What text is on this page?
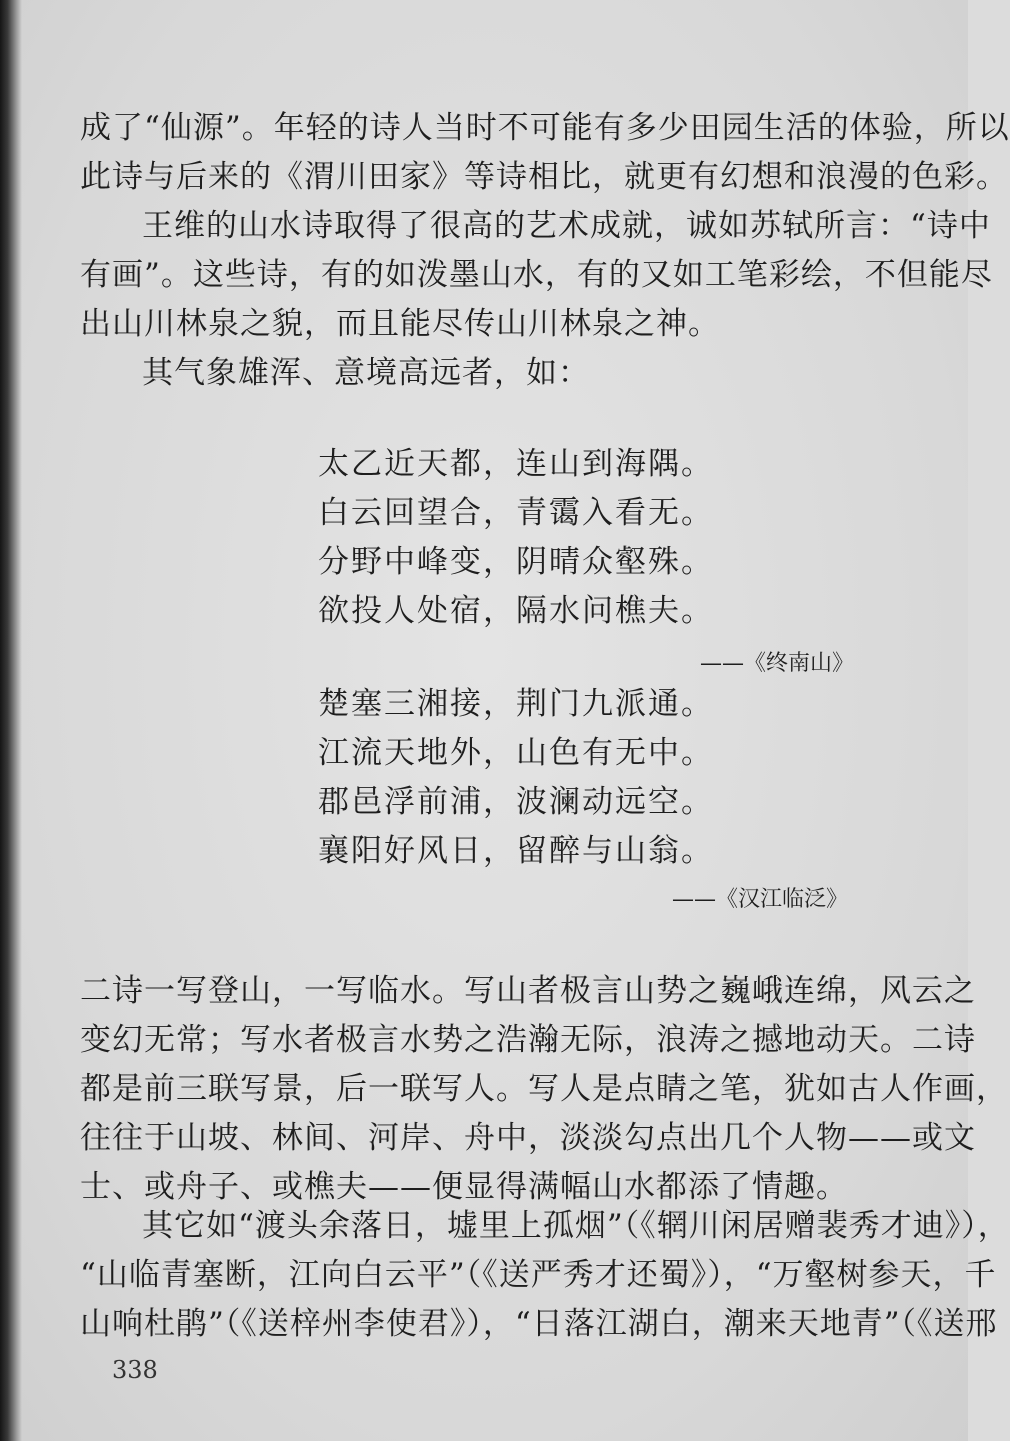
成了“仙源”。年轻的诗人当时不可能有多少田园生活的体验，所以
此诗与后来的《渭川田家》等诗相比，就更有幻想和浪漫的色彩。
王维的山水诗取得了很高的艺术成就，诚如苏轼所言：“诗中
有画”。这些诗，有的如泼墨山水，有的又如工笔彩绘，不但能尽
出山川林泉之貌，而且能尽传山川林泉之神。
其气象雄浑、意境高远者，如：
太乙近天都，连山到海隅。
白云回望合，青霭入看无。
分野中峰变，阴晴众壑殊。
欲投人处宿，隔水问樵夫。
——《终南山》
楚塞三湘接，荆门九派通。
江流天地外，山色有无中。
郡邑浮前浦，波澜动远空。
襄阳好风日，留醉与山翁。
——《汉江临泛》
二诗一写登山，一写临水。写山者极言山势之巍峨连绵，风云之
变幻无常；写水者极言水势之浩瀚无际，浪涛之撼地动天。二诗
都是前三联写景，后一联写人。写人是点睛之笔，犹如古人作画，
往往于山坡、林间、河岸、舟中，淡淡勾点出几个人物——或文
士、或舟子、或樵夫——便显得满幅山水都添了情趣。
其它如“渡头余落日，墟里上孤烟”（《辋川闲居赠裴秀才迪》），
“山临青塞断，江向白云平”（《送严秀才还蜀》），“万壑树参天，千
山响杜鹃”（《送梓州李使君》），“日落江湖白，潮来天地青”（《送邢
338
